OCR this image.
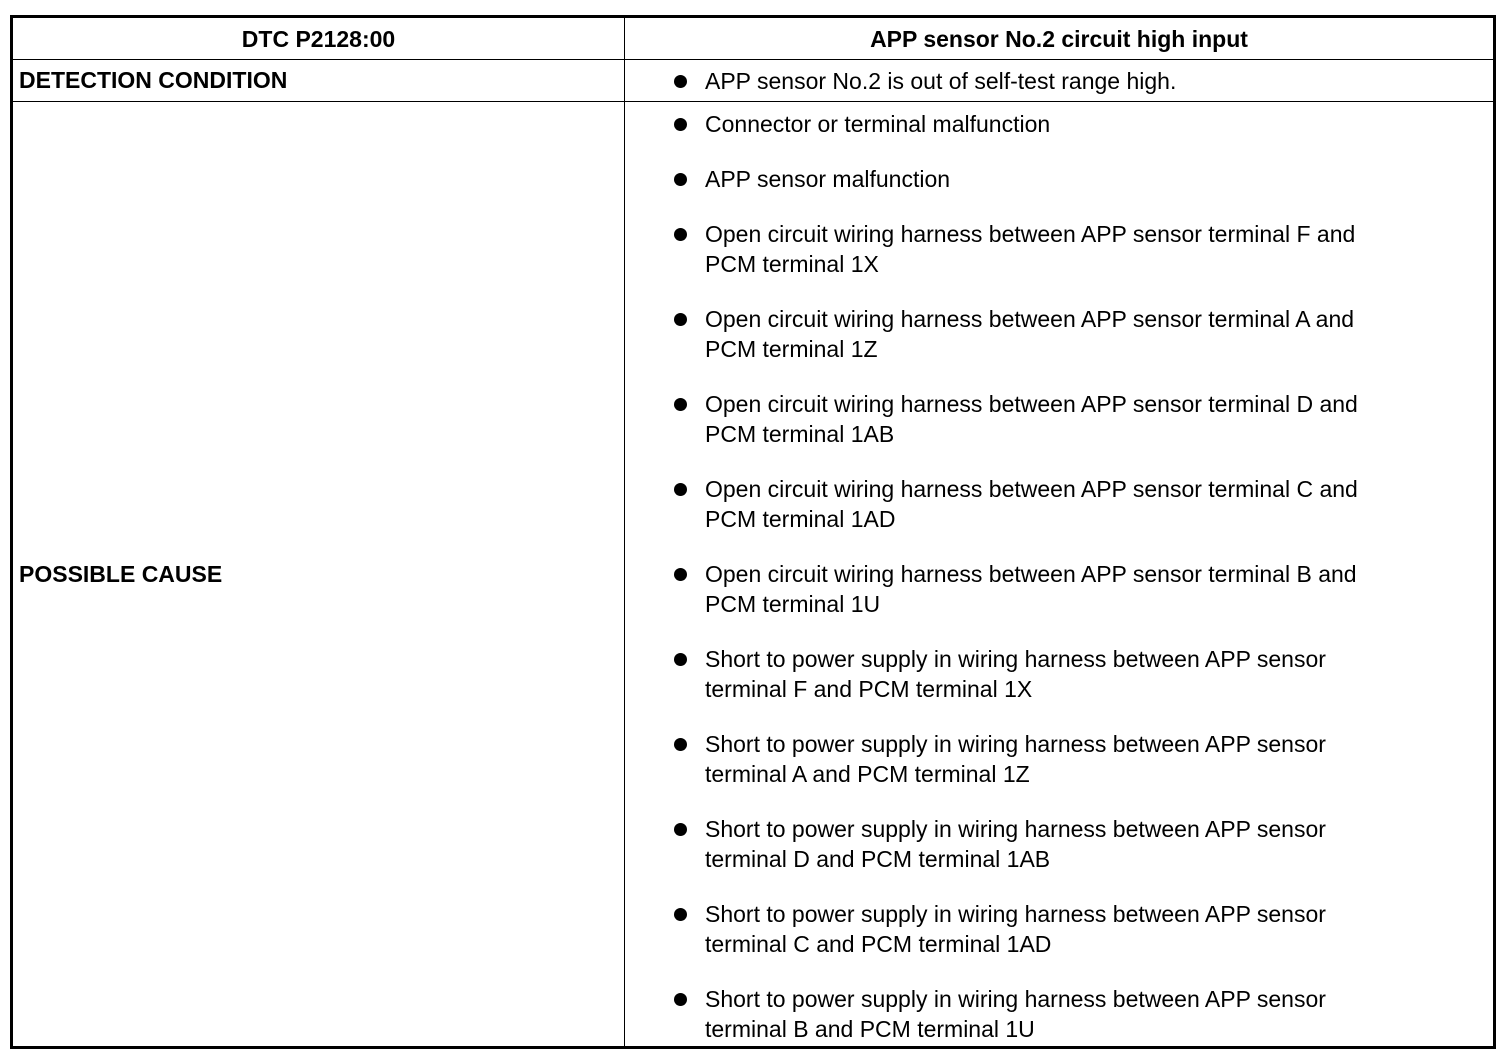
DTC P2128:00	APP sensor No.2 circuit high input
DETECTION CONDITION	APP sensor No.2 is out of self-test range high.
POSSIBLE CAUSE
Connector or terminal malfunction
APP sensor malfunction
Open circuit wiring harness between APP sensor terminal F and
PCM terminal 1X
Open circuit wiring harness between APP sensor terminal A and
PCM terminal 1Z
Open circuit wiring harness between APP sensor terminal D and
PCM terminal 1AB
Open circuit wiring harness between APP sensor terminal C and
PCM terminal 1AD
Open circuit wiring harness between APP sensor terminal B and
PCM terminal 1U
Short to power supply in wiring harness between APP sensor
terminal F and PCM terminal 1X
Short to power supply in wiring harness between APP sensor
terminal A and PCM terminal 1Z
Short to power supply in wiring harness between APP sensor
terminal D and PCM terminal 1AB
Short to power supply in wiring harness between APP sensor
terminal C and PCM terminal 1AD
Short to power supply in wiring harness between APP sensor
terminal B and PCM terminal 1U
